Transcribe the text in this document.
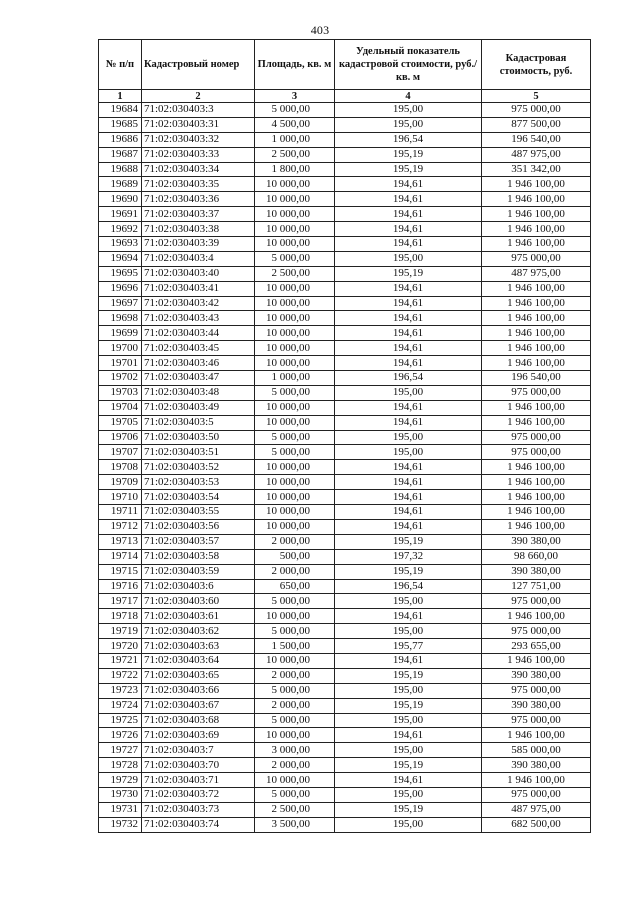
403
№ п/п	Кадастровый номер	Площадь, кв. м	Удельный показатель кадастровой стоимости, руб./кв. м	Кадастровая стоимость, руб.
1	2	3	4	5
19684	71:02:030403:3	5 000,00	195,00	975 000,00
19685	71:02:030403:31	4 500,00	195,00	877 500,00
19686	71:02:030403:32	1 000,00	196,54	196 540,00
19687	71:02:030403:33	2 500,00	195,19	487 975,00
19688	71:02:030403:34	1 800,00	195,19	351 342,00
19689	71:02:030403:35	10 000,00	194,61	1 946 100,00
19690	71:02:030403:36	10 000,00	194,61	1 946 100,00
19691	71:02:030403:37	10 000,00	194,61	1 946 100,00
19692	71:02:030403:38	10 000,00	194,61	1 946 100,00
19693	71:02:030403:39	10 000,00	194,61	1 946 100,00
19694	71:02:030403:4	5 000,00	195,00	975 000,00
19695	71:02:030403:40	2 500,00	195,19	487 975,00
19696	71:02:030403:41	10 000,00	194,61	1 946 100,00
19697	71:02:030403:42	10 000,00	194,61	1 946 100,00
19698	71:02:030403:43	10 000,00	194,61	1 946 100,00
19699	71:02:030403:44	10 000,00	194,61	1 946 100,00
19700	71:02:030403:45	10 000,00	194,61	1 946 100,00
19701	71:02:030403:46	10 000,00	194,61	1 946 100,00
19702	71:02:030403:47	1 000,00	196,54	196 540,00
19703	71:02:030403:48	5 000,00	195,00	975 000,00
19704	71:02:030403:49	10 000,00	194,61	1 946 100,00
19705	71:02:030403:5	10 000,00	194,61	1 946 100,00
19706	71:02:030403:50	5 000,00	195,00	975 000,00
19707	71:02:030403:51	5 000,00	195,00	975 000,00
19708	71:02:030403:52	10 000,00	194,61	1 946 100,00
19709	71:02:030403:53	10 000,00	194,61	1 946 100,00
19710	71:02:030403:54	10 000,00	194,61	1 946 100,00
19711	71:02:030403:55	10 000,00	194,61	1 946 100,00
19712	71:02:030403:56	10 000,00	194,61	1 946 100,00
19713	71:02:030403:57	2 000,00	195,19	390 380,00
19714	71:02:030403:58	500,00	197,32	98 660,00
19715	71:02:030403:59	2 000,00	195,19	390 380,00
19716	71:02:030403:6	650,00	196,54	127 751,00
19717	71:02:030403:60	5 000,00	195,00	975 000,00
19718	71:02:030403:61	10 000,00	194,61	1 946 100,00
19719	71:02:030403:62	5 000,00	195,00	975 000,00
19720	71:02:030403:63	1 500,00	195,77	293 655,00
19721	71:02:030403:64	10 000,00	194,61	1 946 100,00
19722	71:02:030403:65	2 000,00	195,19	390 380,00
19723	71:02:030403:66	5 000,00	195,00	975 000,00
19724	71:02:030403:67	2 000,00	195,19	390 380,00
19725	71:02:030403:68	5 000,00	195,00	975 000,00
19726	71:02:030403:69	10 000,00	194,61	1 946 100,00
19727	71:02:030403:7	3 000,00	195,00	585 000,00
19728	71:02:030403:70	2 000,00	195,19	390 380,00
19729	71:02:030403:71	10 000,00	194,61	1 946 100,00
19730	71:02:030403:72	5 000,00	195,00	975 000,00
19731	71:02:030403:73	2 500,00	195,19	487 975,00
19732	71:02:030403:74	3 500,00	195,00	682 500,00
